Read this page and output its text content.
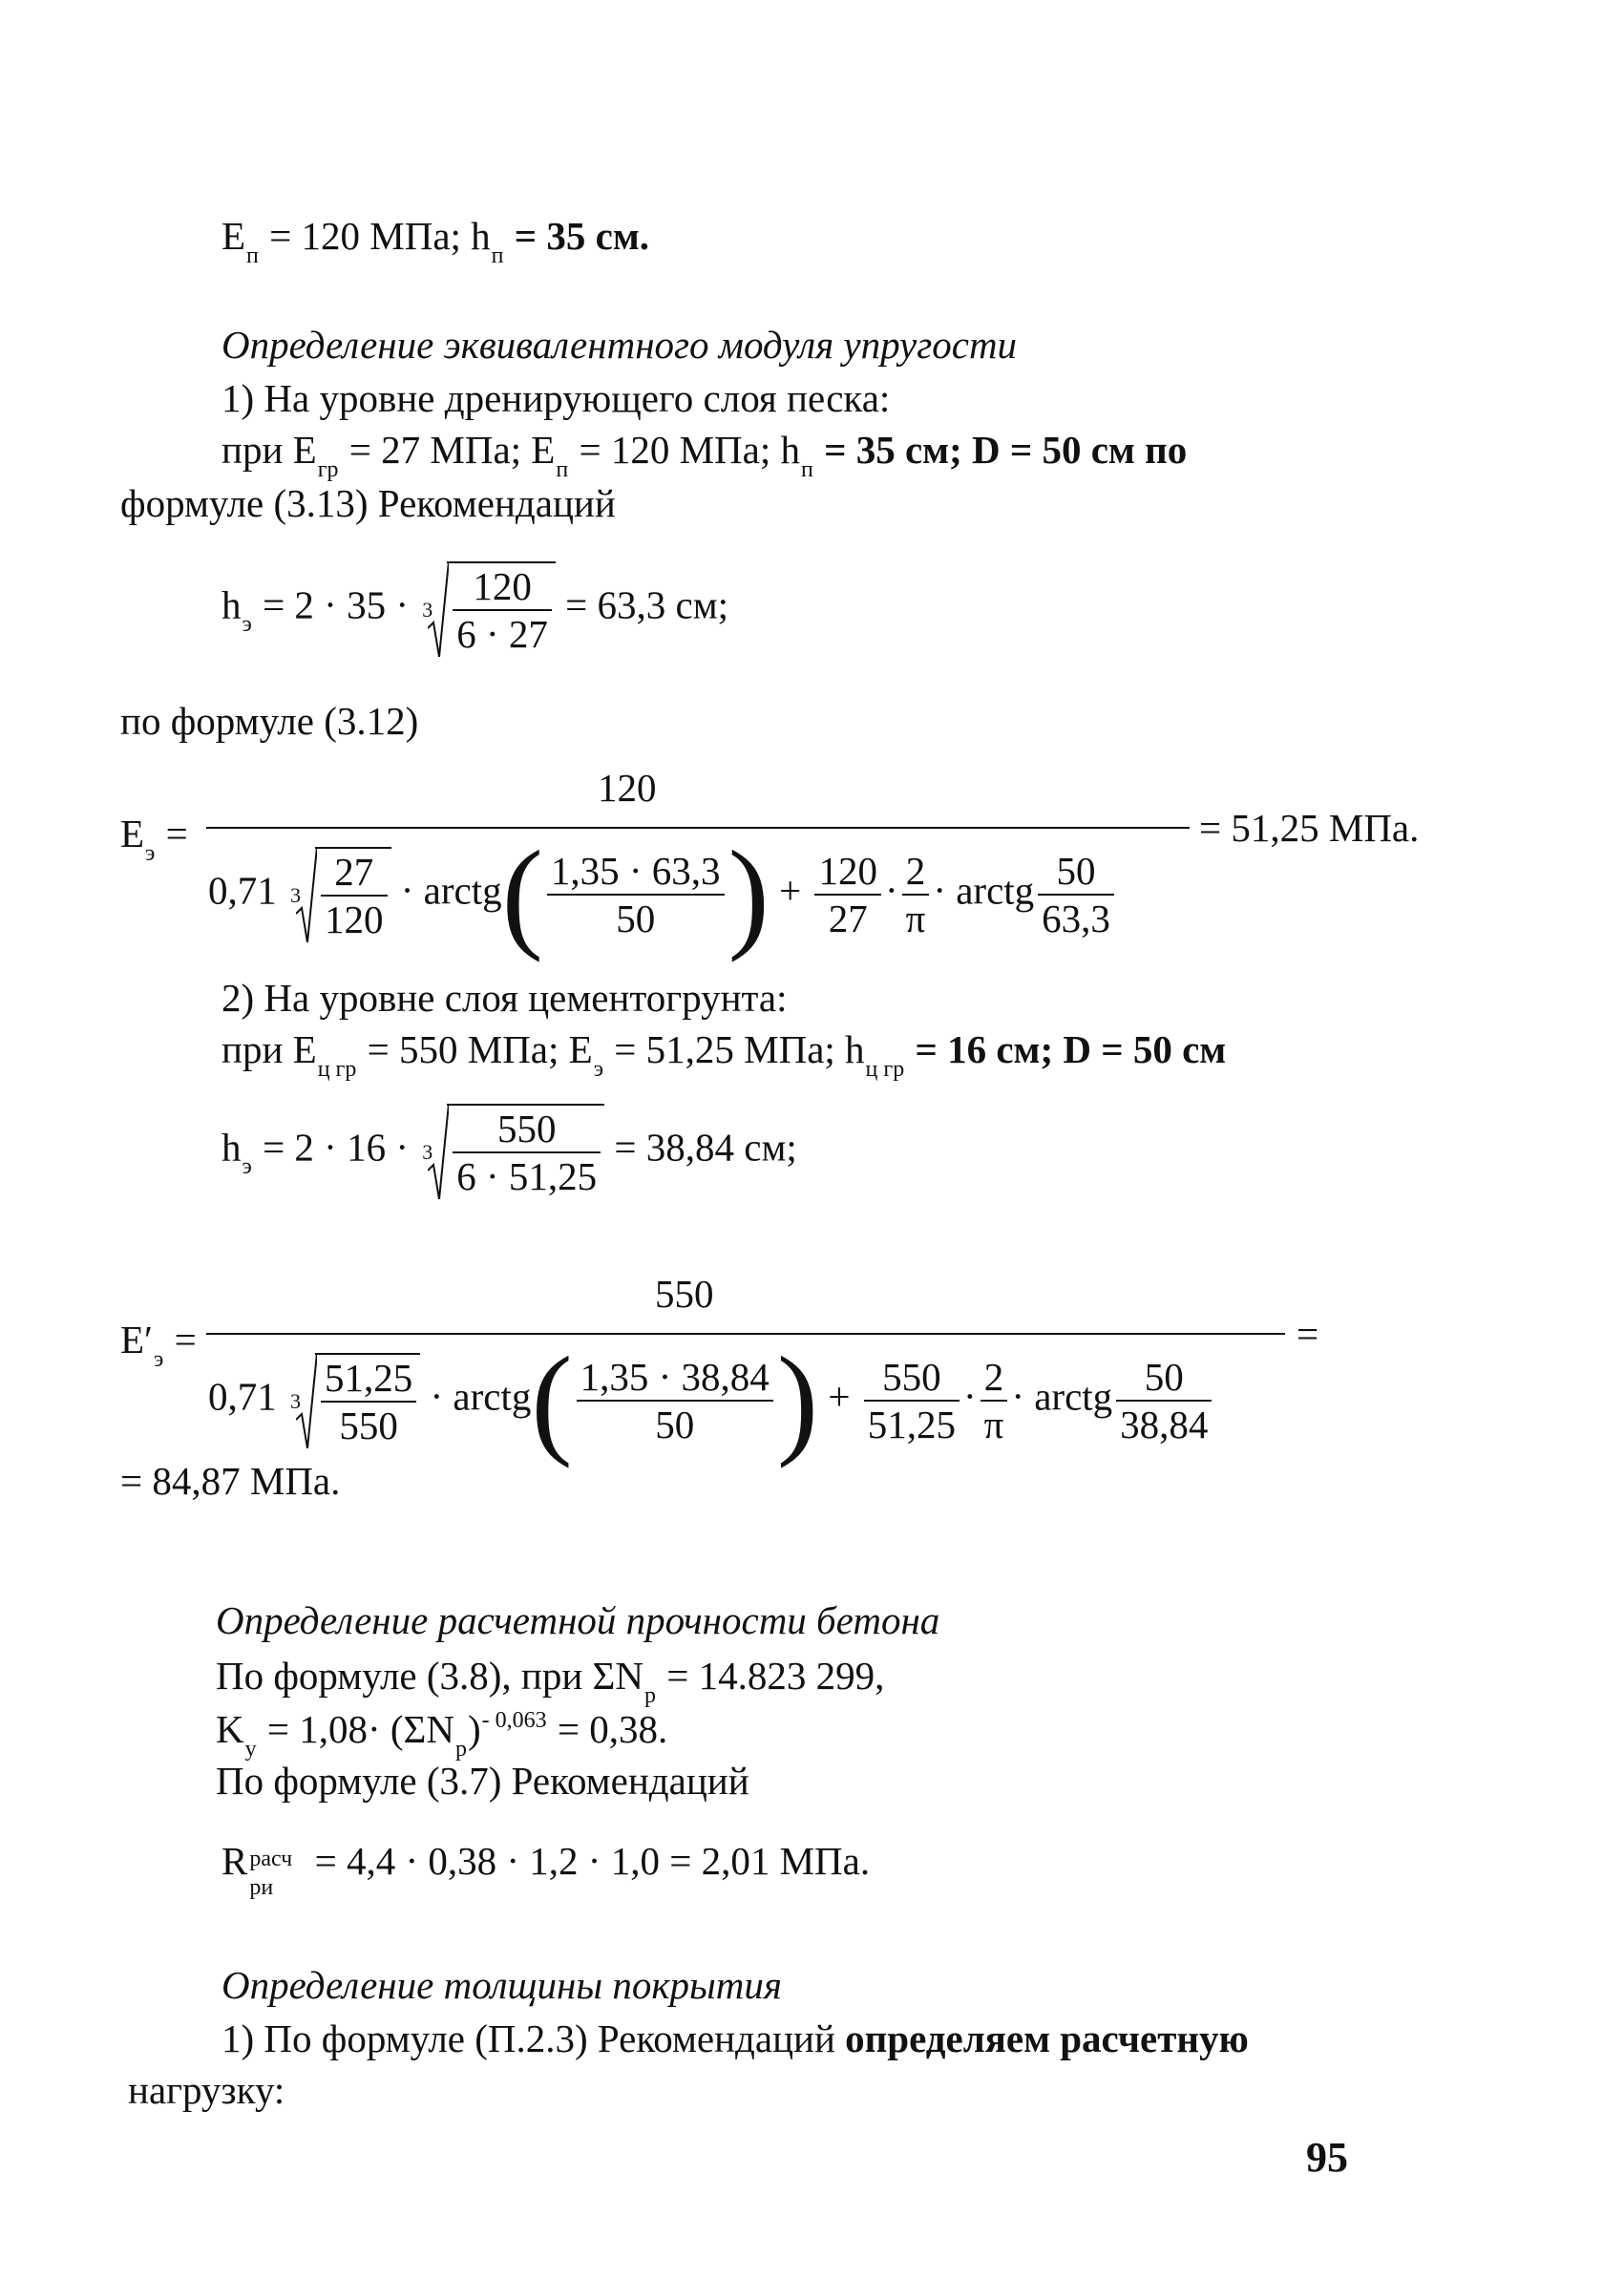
$E_п = 120$ МПа; $h_п = 35$ см.
Определение эквивалентного модуля упругости
1) На уровне дренирующего слоя песка:
при $E_{гр} = 27$ МПа; $E_п = 120$ МПа; $h_п = 35$ см; D = 50 см по
формуле (3.13) Рекомендаций
$h_э = 2 \cdot 35 \cdot 3 \frac{120}{6 \cdot 27} = 63,3$ см;
по формуле (3.12)
$E_э$ =
120
= 51,25 МПа.
0,71 $3 \frac{27}{120}$ · arctg( $\frac{1,35 \cdot 63,3}{50}$ ) + $\frac{120}{27} \cdot \frac{2}{\pi}$ · arctg $\frac{50}{63,3}$
2) На уровне слоя цементогрунта:
при $E_{ц гр} = 550$ МПа; $E_э = 51,25$ МПа; $h_{ц гр} = 16$ см; D = 50 см
$h_э = 2 \cdot 16 \cdot 3 \frac{550}{6 \cdot 51,25} = 38,84$ см;
$E'_э$ =
550
=
0,71 $3 \frac{51,25}{550}$ · arctg( $\frac{1,35 \cdot 38,84}{50}$ ) + $\frac{550}{51,25} \cdot \frac{2}{\pi}$ · arctg $\frac{50}{38,84}$
= 84,87 МПа.
Определение расчетной прочности бетона
По формуле (3.8), при $\Sigma N_р = 14.823$ 299,
$K_у = 1,08\cdot (\Sigma N_р)^{- 0,063} = 0,38$.
По формуле (3.7) Рекомендаций
R расч
ри
= 4,4 · 0,38 · 1,2 · 1,0 = 2,01 МПа.
Определение толщины покрытия
1) По формуле (П.2.3) Рекомендаций определяем расчетную
нагрузку:
95
